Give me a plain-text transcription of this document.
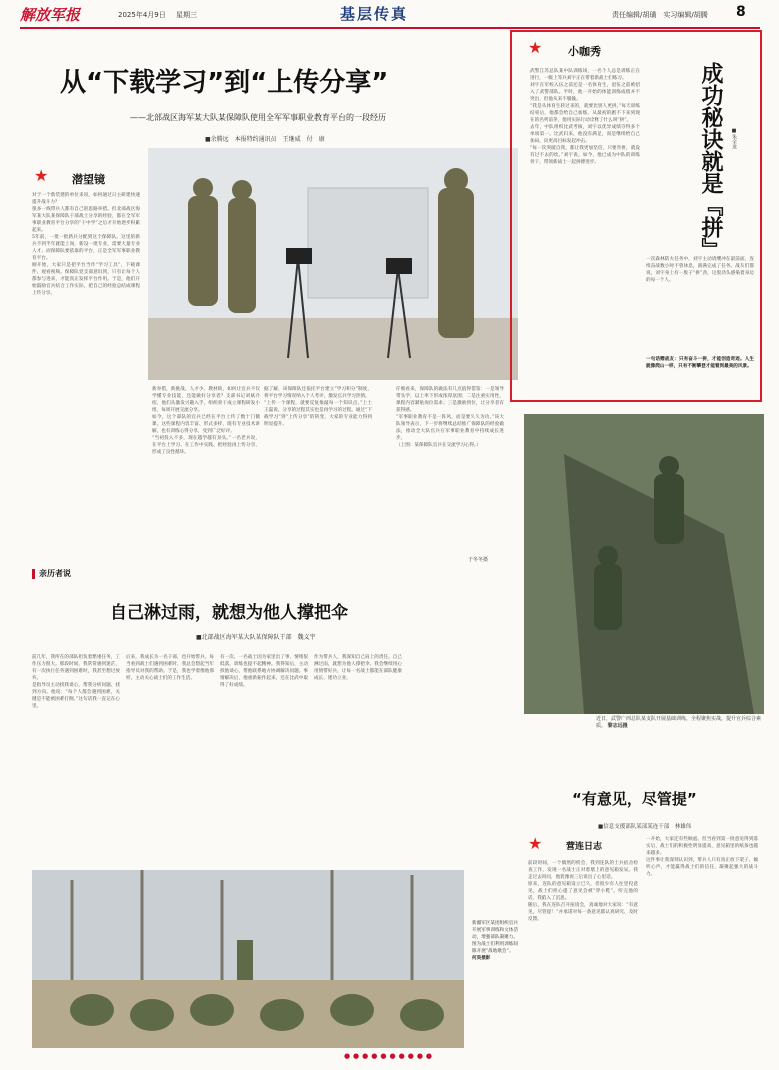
解放军报	2025年4月9日 星期三	基层传真	责任编辑/胡璜　实习编辑/胡腾 8
从“下载学习”到“上传分享”
——北部战区海军某大队某保障队使用全军军事职业教育平台的一段经历
■余腾远　本报特约通讯员　王继威　付　康
★ 潜望镜

对于一个新装建的单位来说，如何通过日主研建快速提升战斗力？

很多一线带兵人都有自己的思路举措。但北部战区海军某大队某保障队干部战士分享的经验，都在全军军事职业教育平台分享的“干中学”之后才开始逐步积累起来。

5年前，一批一批新兵分配到这个保障队。这里的新兵不到半年就能上岗，新设一批专业，需要大量专业人才。而保障队要依靠的平台，正是全军军事职业教育平台。

刚开始，大家只是把平台当作“学习工具”，下载课件、观看视频。保障队党支部意识到，只有让每个人都参与进来，才能真正发挥平台作用。于是，他们开始鼓励官兵结合工作实际，把自己的经验总结成课程上传分享。

新举措，新挑战。人才少、教材缺，如何让官兵不仅学懂专业技能，还能做好分享者？支部书记刘斌介绍，他们从激发兴趣入手，组织骨干成立课程研发小组，每周开展交流分享。

如今，这个部队的官兵已经在平台上传了数十门微课。这些课程内容丰富、形式多样，既有专业技术讲解，也有训练心得分享，受到广泛好评。

“当初投入不多，现在越学越有劲头。”一名老兵说，在平台上学习、在工作中实践、把经验再上传分享，形成了良性循环。

据了解，该保障队还依托平台建立“学习积分”制度，将平台学习情况纳入个人考评，激发官兵学习热情。

“上传一个课程，就要反复推敲每一个知识点。”上士王磊说，分享的过程其实也是再学习的过程。通过“下载学习”到“上传分享”的转变，大家的专业能力得到明显提升。

仔细看来，保障队的做法有几点值得借鉴：一是领导带头学，以上率下形成浓厚氛围；二是注重实用性，课程内容紧贴岗位需求；三是激励到位，让分享者有获得感。

“军事职业教育不是一阵风，而是要久久为功。”该大队领导表示，下一步将继续总结推广保障队的经验做法，推动全大队官兵在军事职业教育中持续成长进步。

（上图：某保障队官兵在交流学习心得。）

于冬冬摄
★ 小咖秀
成功秘诀就是『拼』	■朱全龙

武警江苏总队某中队训练场，一名个人总是训练正在进行，一级上等兵刘宇正在带着新战士们练习。

刘宇在军校入伍之前还是一名体育生，退伍之前被招入了武警部队。平时，他一开始的体能训练成绩并不突出，但他从来不服输。

“我是从体育生转过来的，就要比别人更拼。”每天训练结束后，他都会给自己加练，从最初的跑不下来到现在的名列前茅，他用实际行动诠释了什么叫“拼”。

去年，中队组织比武考核，刘宇以优异成绩夺得多个单项第一。比武归来，他没有满足，而是继续给自己加码，向更高目标发起冲击。

“每一次突破自我，都让我更加坚信，只要肯拼，就没有过不去的坎。”刘宇说。如今，他已成为中队的训练骨干，带领新战士一起拼搏进步。

一次森林防火任务中，刘宇主动请缨冲在最前面，连续奋战数小时不曾休息，圆满完成了任务。战友们都说，刘宇身上有一股子“拼”劲，这股劲头感染着身边的每一个人。

一句话赠战友：只有奋斗一拼，才能创造奇迹。人生就像爬山一样，只有不断攀登才能看到最美的风景。
近日，武警广西总队某支队开展基础训练，全程聚焦实战，提升官兵综合素质。 黎志远摄
亲历者说
自己淋过雨，就想为他人撑把伞
■北部战区海军某大队某保障队干部　魏义宇

前几年，我所在的部队担负着繁重任务，工作压力很大。那段时间，我常常感到迷茫，有一次执行任务遇到困难时，我甚至想过放弃。

是指导员主动找我谈心，帮我分析问题、找到方向。他说：“每个人都会遇到困难，关键是不能被困难打倒。”这句话我一直记在心里。

后来，我成长为一名干部，也开始带兵。每当看到战士们遇到困难时，我总会想起当年指导员对我的帮助。于是，我也学着像他那样，主动关心战士们的工作生活。

有一次，一名战士因为家里出了事，情绪很低落，训练也提不起精神。我得知后，主动找他谈心，帮他联系地方协调解决问题。事情解决后，他重新振作起来，还在比武中取得了好成绩。

作为带兵人，我深知自己肩上的责任。自己淋过雨，就想为他人撑把伞。我会继续用心用情带好兵，让每一名战士都能在部队健康成长、建功立业。

新疆军区某团组织官兵开展军事训练和文体活动，增强部队凝聚力。图为战士们利用训练间隙开展“战地歌会”。 何昊摄影
“有意见，尽管提”
■信息支援部队某部某连干部　林雄伟
★	营连日志

前段时间，一个偶然的机会，我到连队的士兵宿舍检查工作，发现一名战士正对着墙上的意见箱发呆。我走过去询问，他犹豫再三后说出了心里话。

原来，连队的意见箱设立已久，但很少有人往里投意见，战士们担心提了意见会被“穿小鞋”。听完他的话，我陷入了沉思。

随后，我在连队召开座谈会，真诚地对大家说：“有意见，尽管提！”并承诺对每一条意见都认真研究、及时反馈。

一开始，大家还有些顾虑。但当看到第一批意见得到落实后，战士们的积极性明显提高，意见箱里的纸条也越来越多。

这件事让我深刻认识到，带兵人只有真正放下架子、倾听心声，才能赢得战士们的信任，凝聚起强大的战斗力。

●●●●●●●●●●
